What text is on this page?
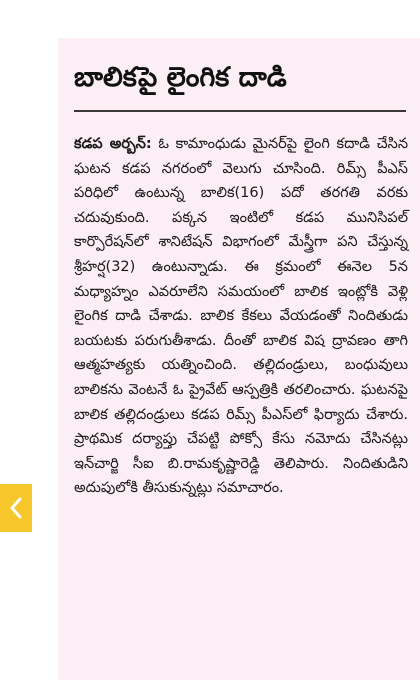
బాలికపై లైంగిక దాడి

కడప అర్బన్‌: ఓ కామాంధుడు మైనర్‌పై లైంగి కదాడి చేసిన ఘటన కడప నగరంలో వెలుగు చూసింది. రిమ్స్‌ పీఎస్‌ పరిధిలో ఉంటున్న బాలిక(16) పదో తరగతి వరకు చదువుకుంది. పక్కన ఇంటిలో కడప మునిసిపల్‌ కార్పొరేషన్‌లో శానిటేషన్‌ విభాగంలో మేస్త్రీగా పని చేస్తున్న శ్రీహర్ష(32) ఉంటున్నాడు. ఈ క్రమంలో ఈనెల 5న మధ్యాహ్నం ఎవరూలేని సమయంలో బాలిక ఇంట్లోకి వెళ్లి లైంగిక దాడి చేశాడు. బాలిక కేకలు వేయడంతో నిందితుడు బయటకు పరుగుతీశాడు. దీంతో బాలిక విష ద్రావణం తాగి ఆత్మహత్యకు యత్నించింది. తల్లిదండ్రులు, బంధువులు బాలికను వెంటనే ఓ ప్రైవేట్‌ ఆస్పత్రికి తరలించారు. ఘటనపై బాలిక తల్లిదండ్రులు కడప రిమ్స్‌ పీఎస్‌లో ఫిర్యాదు చేశారు. ప్రాథమిక దర్యాప్తు చేపట్టి పోక్సో కేసు నమోదు చేసినట్లు ఇన్‌చార్జి సీఐ బి.రామకృష్ణారెడ్డి తెలిపారు. నిందితుడిని అదుపులోకి తీసుకున్నట్లు సమాచారం.
